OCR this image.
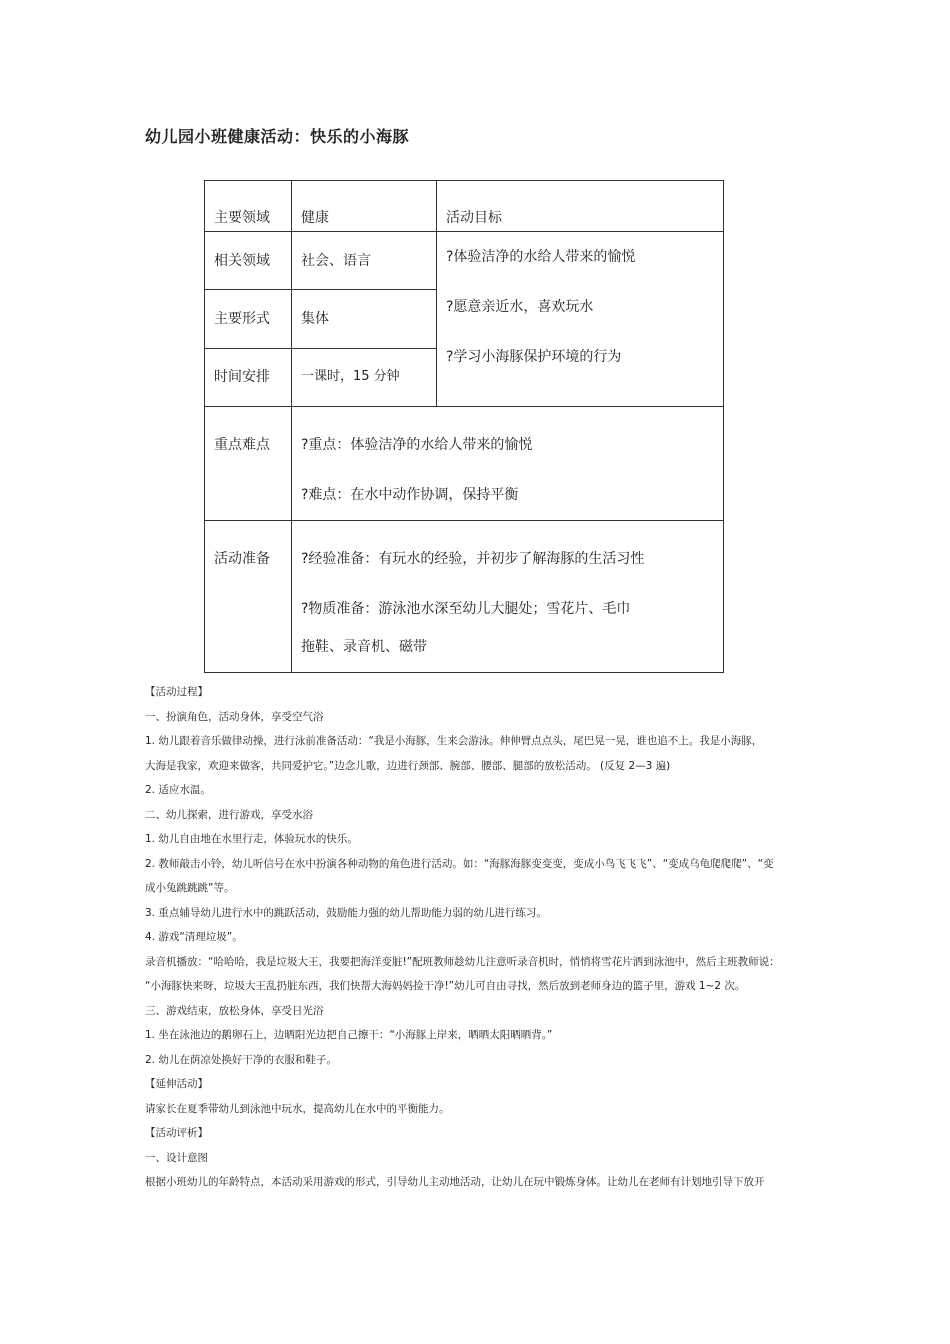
幼儿园小班健康活动：快乐的小海豚
主要领域	健康	活动目标

相关领域	社会、语言	?体验洁净的水给人带来的愉悦
?愿意亲近水，喜欢玩水
?学习小海豚保护环境的行为

主要形式	集体	

时间安排	一课时，15 分钟	

重点难点	?重点：体验洁净的水给人带来的愉悦
?难点：在水中动作协调，保持平衡	

活动准备	?经验准备：有玩水的经验，并初步了解海豚的生活习性
?物质准备：游泳池水深至幼儿大腿处；雪花片、毛巾
拖鞋、录音机、磁带	

【活动过程】

一、扮演角色，活动身体，享受空气浴

1. 幼儿跟着音乐做律动操，进行泳前准备活动：“我是小海豚，生来会游泳。伸伸臂点点头，尾巴晃一晃，谁也追不上。我是小海豚，

大海是我家，欢迎来做客，共同爱护它。”边念儿歌，边进行颈部、腕部、腰部、腿部的放松活动。 (反复 2—3 遍)

2. 适应水温。

二、幼儿探索，进行游戏，享受水浴

1. 幼儿自由地在水里行走，体验玩水的快乐。

2. 教师敲击小铃，幼儿听信号在水中扮演各种动物的角色进行活动。如：“海豚海豚变变变，变成小鸟飞飞飞”、“变成乌龟爬爬爬”、“变

成小兔跳跳跳”等。

3. 重点辅导幼儿进行水中的跳跃活动，鼓励能力强的幼儿帮助能力弱的幼儿进行练习。

4. 游戏“清理垃圾”。

录音机播放：“哈哈哈，我是垃圾大王，我要把海洋变脏!”配班教师趁幼儿注意听录音机时，悄悄将雪花片洒到泳池中，然后主班教师说：

“小海豚快来呀，垃圾大王乱扔脏东西，我们快帮大海妈妈捡干净!”幼儿可自由寻找，然后放到老师身边的篮子里，游戏 1~2 次。

三、游戏结束，放松身体，享受日光浴

1. 坐在泳池边的鹅卵石上，边晒阳光边把自己擦干：“小海豚上岸来，晒晒太阳晒晒背。”

2. 幼儿在荫凉处换好干净的衣服和鞋子。

【延伸活动】

请家长在夏季带幼儿到泳池中玩水，提高幼儿在水中的平衡能力。

【活动评析】

一、设计意图

根据小班幼儿的年龄特点，本活动采用游戏的形式，引导幼儿主动地活动，让幼儿在玩中锻炼身体。让幼儿在老师有计划地引导下放开
